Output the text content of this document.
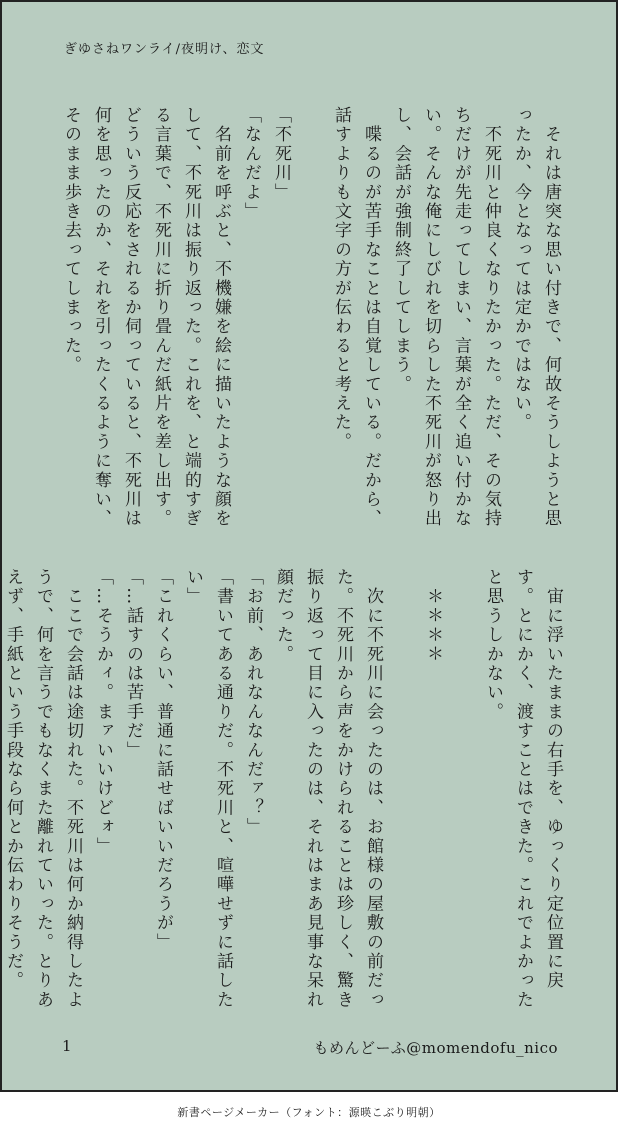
ぎゆさねワンライ/夜明け、恋文

　それは唐突な思い付きで、何故そうしようと思ったか、今となっては定かではない。

　不死川と仲良くなりたかった。ただ、その気持ちだけが先走ってしまい、言葉が全く追い付かない。そんな俺にしびれを切らした不死川が怒り出し、会話が強制終了してしまう。

　喋るのが苦手なことは自覚している。だから、話すよりも文字の方が伝わると考えた。

「不死川」

「なんだよ」

　名前を呼ぶと、不機嫌を絵に描いたような顔をして、不死川は振り返った。これを、と端的すぎる言葉で、不死川に折り畳んだ紙片を差し出す。どういう反応をされるか伺っていると、不死川は何を思ったのか、それを引ったくるように奪い、そのまま歩き去ってしまった。

　宙に浮いたままの右手を、ゆっくり定位置に戻す。とにかく、渡すことはできた。これでよかったと思うしかない。

　＊＊＊＊

　次に不死川に会ったのは、お館様の屋敷の前だった。不死川から声をかけられることは珍しく、驚き振り返って目に入ったのは、それはまあ見事な呆れ顔だった。

「お前、あれなんなんだァ？」

「書いてある通りだ。不死川と、喧嘩せずに話したい」

「これくらい、普通に話せばいいだろうが」

「…話すのは苦手だ」

「…そうかィ。まァいいけどォ」

　ここで会話は途切れた。不死川は何か納得したようで、何を言うでもなくまた離れていった。とりあえず、手紙という手段なら何とか伝わりそうだ。

1	もめんどーふ@momendofu_nico
新書ページメーカー（フォント：源暎こぶり明朝）
